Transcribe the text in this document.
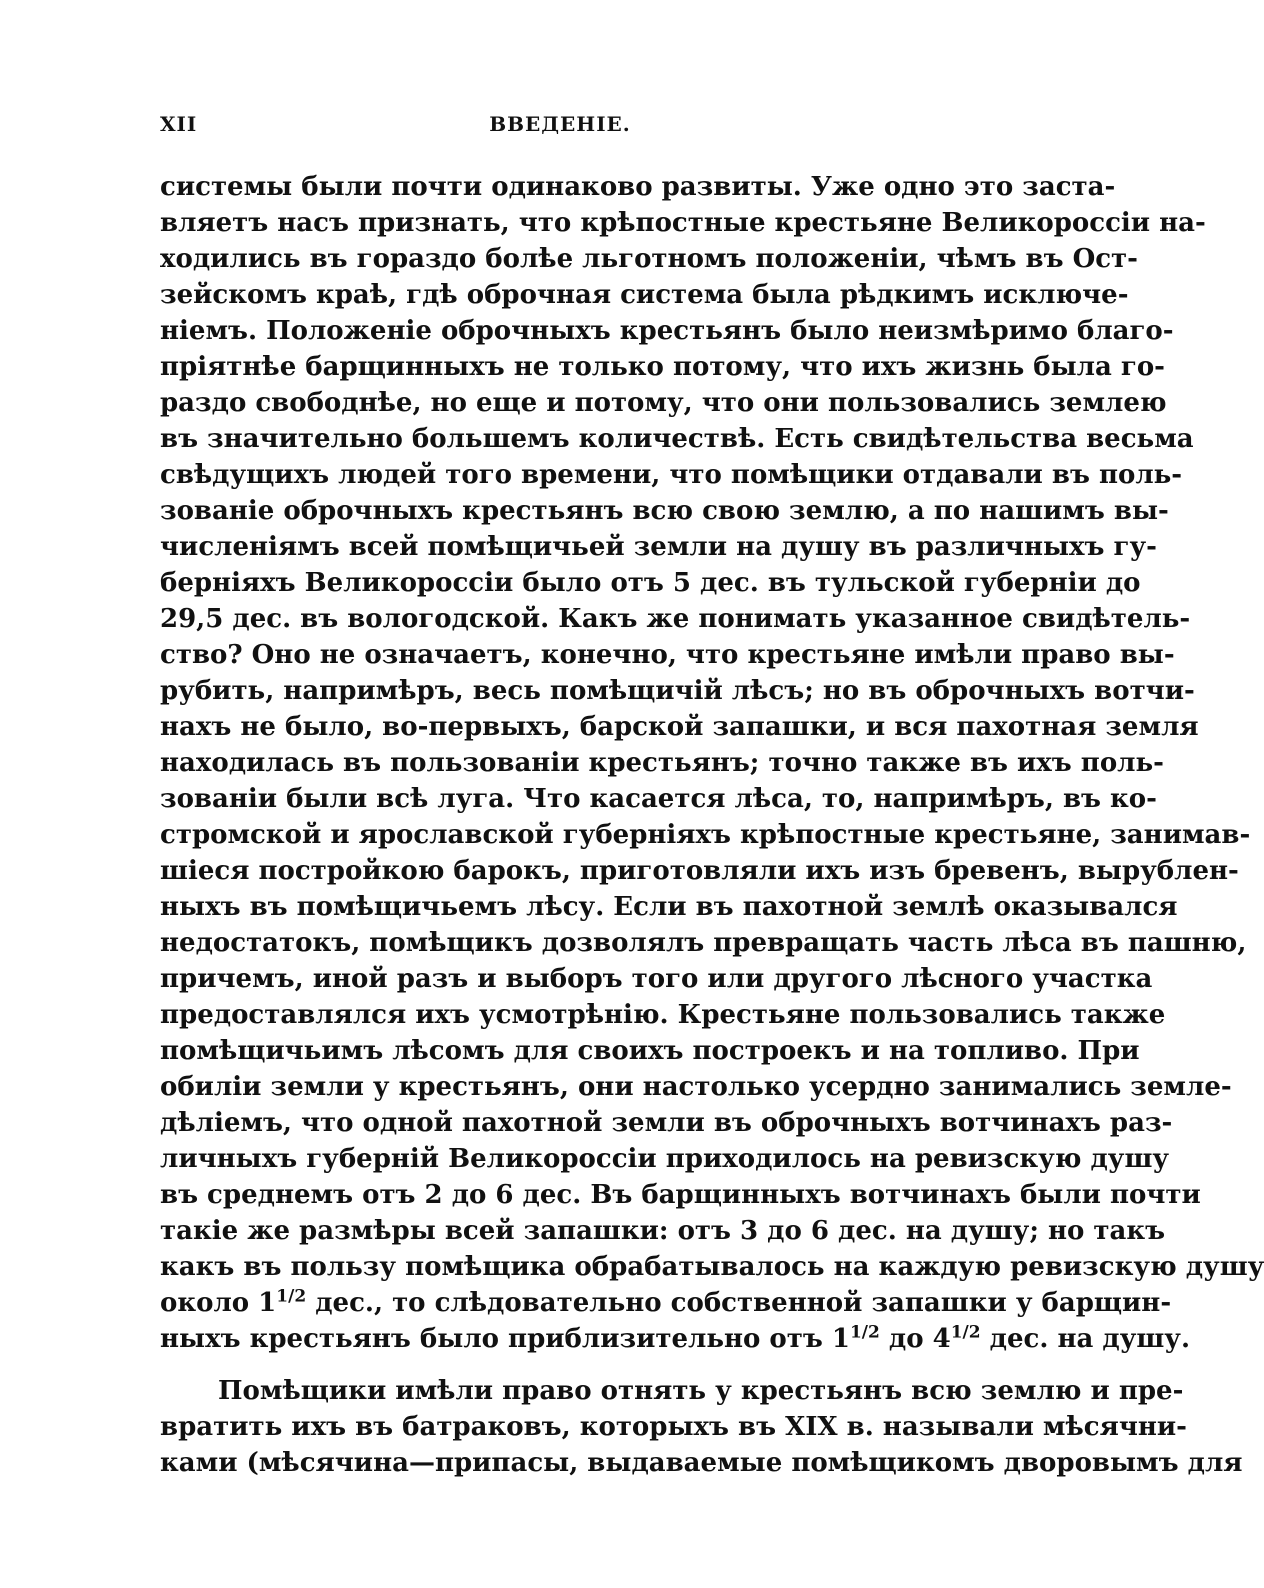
XII	ВВЕДЕНІЕ.
системы были почти одинаково развиты. Уже одно это заста-
вляетъ насъ признать, что крѣпостные крестьяне Великороссіи на-
ходились въ гораздо болѣе льготномъ положеніи, чѣмъ въ Ост-
зейскомъ краѣ, гдѣ оброчная система была рѣдкимъ исключе-
ніемъ. Положеніе оброчныхъ крестьянъ было неизмѣримо благо-
пріятнѣе барщинныхъ не только потому, что ихъ жизнь была го-
раздо свободнѣе, но еще и потому, что они пользовались землею
въ значительно большемъ количествѣ. Есть свидѣтельства весьма
свѣдущихъ людей того времени, что помѣщики отдавали въ поль-
зованіе оброчныхъ крестьянъ всю свою землю, а по нашимъ вы-
численіямъ всей помѣщичьей земли на душу въ различныхъ гу-
берніяхъ Великороссіи было отъ 5 дес. въ тульской губерніи до
29,5 дес. въ вологодской. Какъ же понимать указанное свидѣтель-
ство? Оно не означаетъ, конечно, что крестьяне имѣли право вы-
рубить, напримѣръ, весь помѣщичій лѣсъ; но въ оброчныхъ вотчи-
нахъ не было, во-первыхъ, барской запашки, и вся пахотная земля
находилась въ пользованіи крестьянъ; точно также въ ихъ поль-
зованіи были всѣ луга. Что касается лѣса, то, напримѣръ, въ ко-
стромской и ярославской губерніяхъ крѣпостные крестьяне, занимав-
шіеся постройкою барокъ, приготовляли ихъ изъ бревенъ, вырублен-
ныхъ въ помѣщичьемъ лѣсу. Если въ пахотной землѣ оказывался
недостатокъ, помѣщикъ дозволялъ превращать часть лѣса въ пашню,
причемъ, иной разъ и выборъ того или другого лѣсного участка
предоставлялся ихъ усмотрѣнію. Крестьяне пользовались также
помѣщичьимъ лѣсомъ для своихъ построекъ и на топливо. При
обиліи земли у крестьянъ, они настолько усердно занимались земле-
дѣліемъ, что одной пахотной земли въ оброчныхъ вотчинахъ раз-
личныхъ губерній Великороссіи приходилось на ревизскую душу
въ среднемъ отъ 2 до 6 дес. Въ барщинныхъ вотчинахъ были почти
такіе же размѣры всей запашки: отъ 3 до 6 дес. на душу; но такъ
какъ въ пользу помѣщика обрабатывалось на каждую ревизскую душу
около $1^{1/2}$ дес., то слѣдовательно собственной запашки у барщин-
ныхъ крестьянъ было приблизительно отъ $1^{1/2}$ до $4^{1/2}$ дес. на душу.
Помѣщики имѣли право отнять у крестьянъ всю землю и пре-
вратить ихъ въ батраковъ, которыхъ въ XIX в. называли мѣсячни-
ками (мѣсячина—припасы, выдаваемые помѣщикомъ дворовымъ для
